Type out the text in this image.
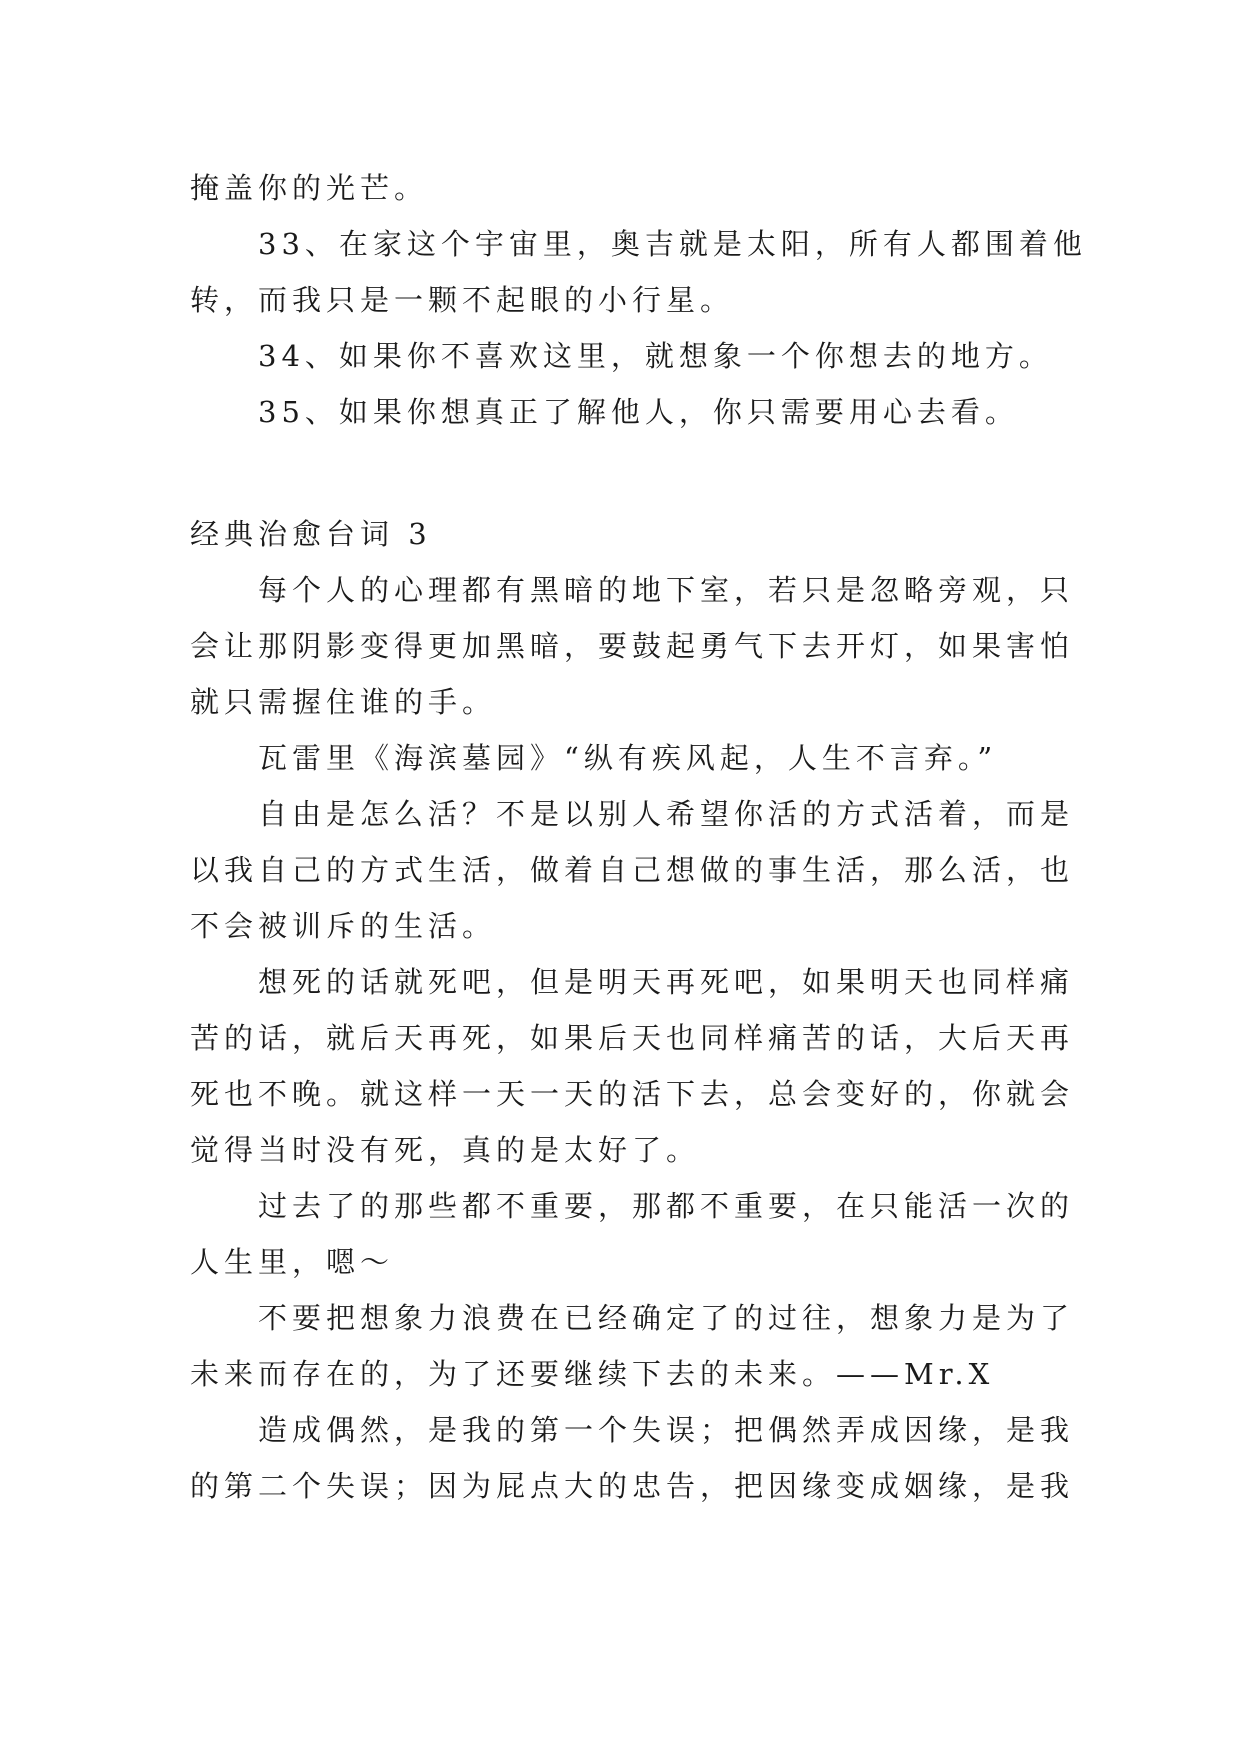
掩盖你的光芒。
33、在家这个宇宙里，奥吉就是太阳，所有人都围着他
转，而我只是一颗不起眼的小行星。
34、如果你不喜欢这里，就想象一个你想去的地方。
35、如果你想真正了解他人，你只需要用心去看。
经典治愈台词 3
每个人的心理都有黑暗的地下室，若只是忽略旁观，只
会让那阴影变得更加黑暗，要鼓起勇气下去开灯，如果害怕
就只需握住谁的手。
瓦雷里《海滨墓园》“纵有疾风起，人生不言弃。”
自由是怎么活？不是以别人希望你活的方式活着，而是
以我自己的方式生活，做着自己想做的事生活，那么活，也
不会被训斥的生活。
想死的话就死吧，但是明天再死吧，如果明天也同样痛
苦的话，就后天再死，如果后天也同样痛苦的话，大后天再
死也不晚。就这样一天一天的活下去，总会变好的，你就会
觉得当时没有死，真的是太好了。
过去了的那些都不重要，那都不重要，在只能活一次的
人生里，嗯～
不要把想象力浪费在已经确定了的过往，想象力是为了
未来而存在的，为了还要继续下去的未来。——Mr.X
造成偶然，是我的第一个失误；把偶然弄成因缘，是我
的第二个失误；因为屁点大的忠告，把因缘变成姻缘，是我
